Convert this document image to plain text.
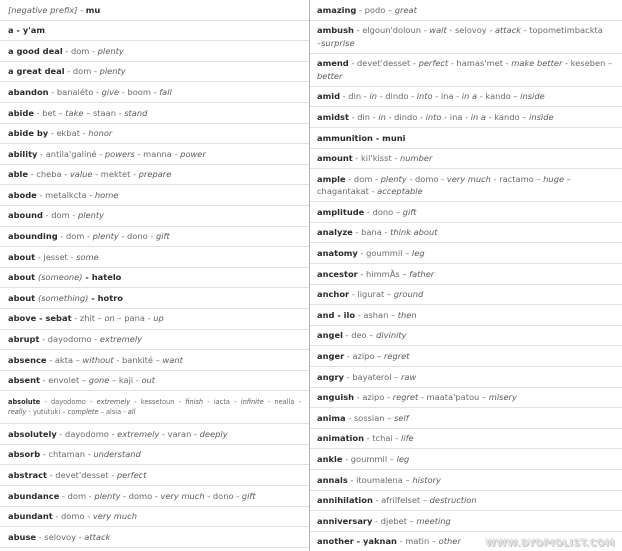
[negative prefix] - mu
a - y'am
a good deal - dom - plenty
a great deal - dom - plenty
abandon - banaléto - give - boom - fall
abide - bet – take – staan - stand
abide by - ekbat - honor
ability - antila'galiné - powers - manna - power
able - cheba - value - mektet - prepare
abode - metalkcta - home
abound - dom - plenty
abounding - dom - plenty - dono - gift
about - jesset - some
about (someone) - hatelo
about (something) - hotro
above - sebat - zhit – on – pana - up
abrupt - dayodomo - extremely
absence - akta – without - bankité – want
absent - envolet – gone – kaji - out
absolute - dayodomo - extremely - kessetoun - finish - iacta - infinite - nealla -
really - yututuki – complete – alsia - all
absolutely - dayodomo - extremely - varan - deeply
absorb - chtaman - understand
abstract - devet'desset - perfect
abundance - dom - plenty - domo - very much - dono - gift
abundant - domo - very much
abuse - selovoy - attack
amazing - podo – great
ambush - elgoun'doloun - wait - selovoy - attack - topometimbackta
–surprise
amend - devet'desset - perfect - hamas'met - make better - keseben –
better
amid - din - in - dindo - into - ina - in a - kando – inside
amidst - din - in - dindo - into - ina - in a - kando – inside
ammunition - muni
amount - kil'kisst - number
ample - dom - plenty - domo - very much - ractamo – huge –
chagantakat - acceptable
amplitude - dono – gift
analyze - bana - think about
anatomy - goummil – leg
ancestor - himmÃs – father
anchor - ligurat – ground
and - ilo - ashan – then
angel - deo – divinity
anger - azipo – regret
angry - bayaterol – raw
anguish - azipo - regret - maata'patou – misery
anima - sossian – self
animation - tchai - life
ankle - goummil – leg
annals - itoumalena – history
annihilation - afrilfelset – destruction
anniversary - djebet – meeting
another - yaknan - matin – other	WWW.DYOPIOLIST.COM
